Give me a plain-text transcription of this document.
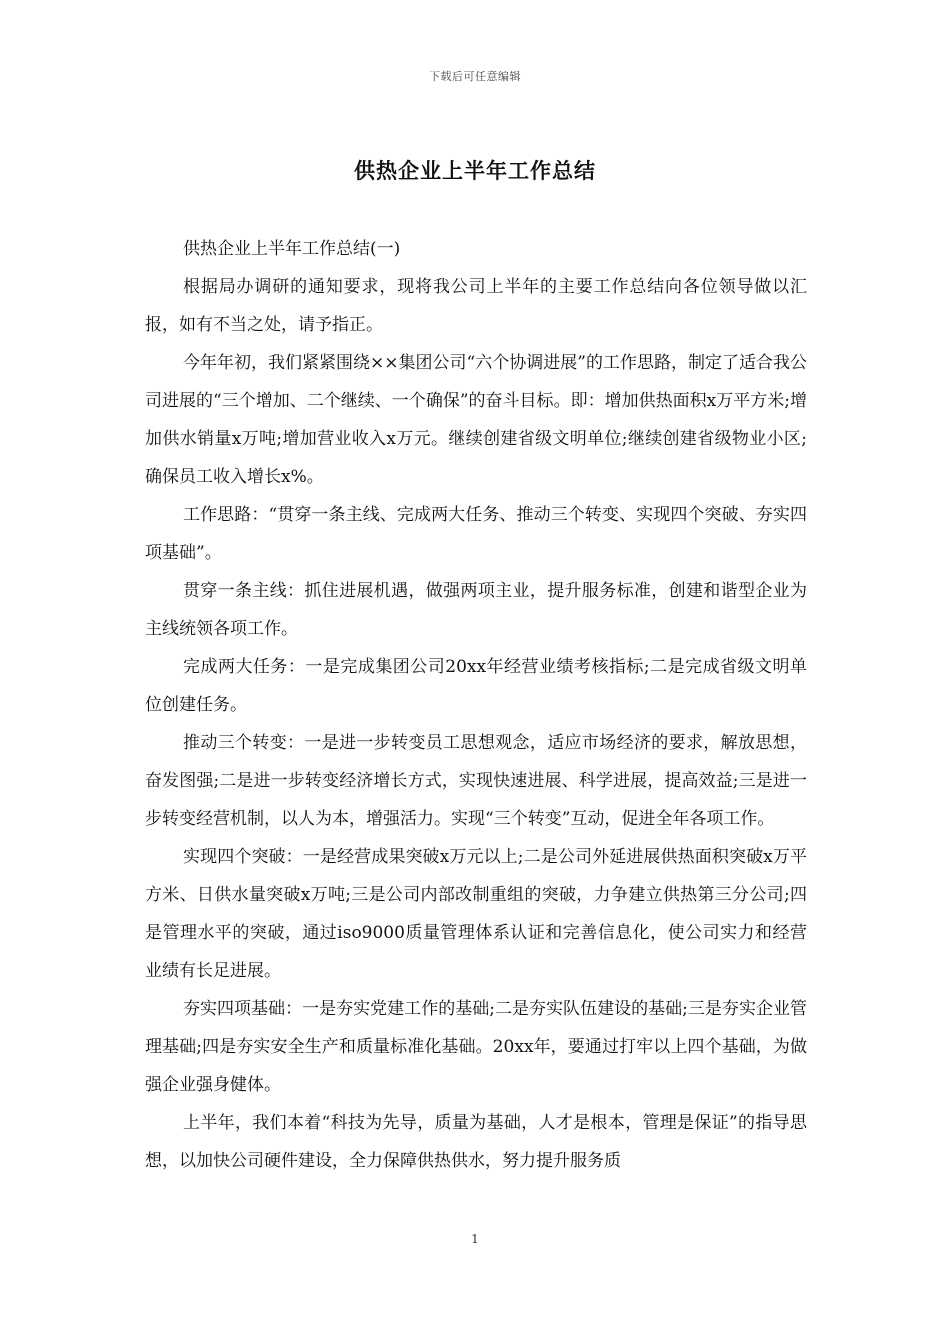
下载后可任意编辑
供热企业上半年工作总结

供热企业上半年工作总结(一)

根据局办调研的通知要求，现将我公司上半年的主要工作总结向各位领导做以汇报，如有不当之处，请予指正。

今年年初，我们紧紧围绕××集团公司“六个协调进展”的工作思路，制定了适合我公司进展的“三个增加、二个继续、一个确保”的奋斗目标。即：增加供热面积x万平方米;增加供水销量x万吨;增加营业收入x万元。继续创建省级文明单位;继续创建省级物业小区;确保员工收入增长x%。

工作思路：“贯穿一条主线、完成两大任务、推动三个转变、实现四个突破、夯实四项基础”。

贯穿一条主线：抓住进展机遇，做强两项主业，提升服务标准，创建和谐型企业为主线统领各项工作。

完成两大任务：一是完成集团公司20xx年经营业绩考核指标;二是完成省级文明单位创建任务。

推动三个转变：一是进一步转变员工思想观念，适应市场经济的要求，解放思想，奋发图强;二是进一步转变经济增长方式，实现快速进展、科学进展，提高效益;三是进一步转变经营机制，以人为本，增强活力。实现“三个转变”互动，促进全年各项工作。

实现四个突破：一是经营成果突破x万元以上;二是公司外延进展供热面积突破x万平方米、日供水量突破x万吨;三是公司内部改制重组的突破，力争建立供热第三分公司;四是管理水平的突破，通过iso9000质量管理体系认证和完善信息化，使公司实力和经营业绩有长足进展。

夯实四项基础：一是夯实党建工作的基础;二是夯实队伍建设的基础;三是夯实企业管理基础;四是夯实安全生产和质量标准化基础。20xx年，要通过打牢以上四个基础，为做强企业强身健体。

上半年，我们本着“科技为先导，质量为基础，人才是根本，管理是保证”的指导思想，以加快公司硬件建设，全力保障供热供水，努力提升服务质

1
